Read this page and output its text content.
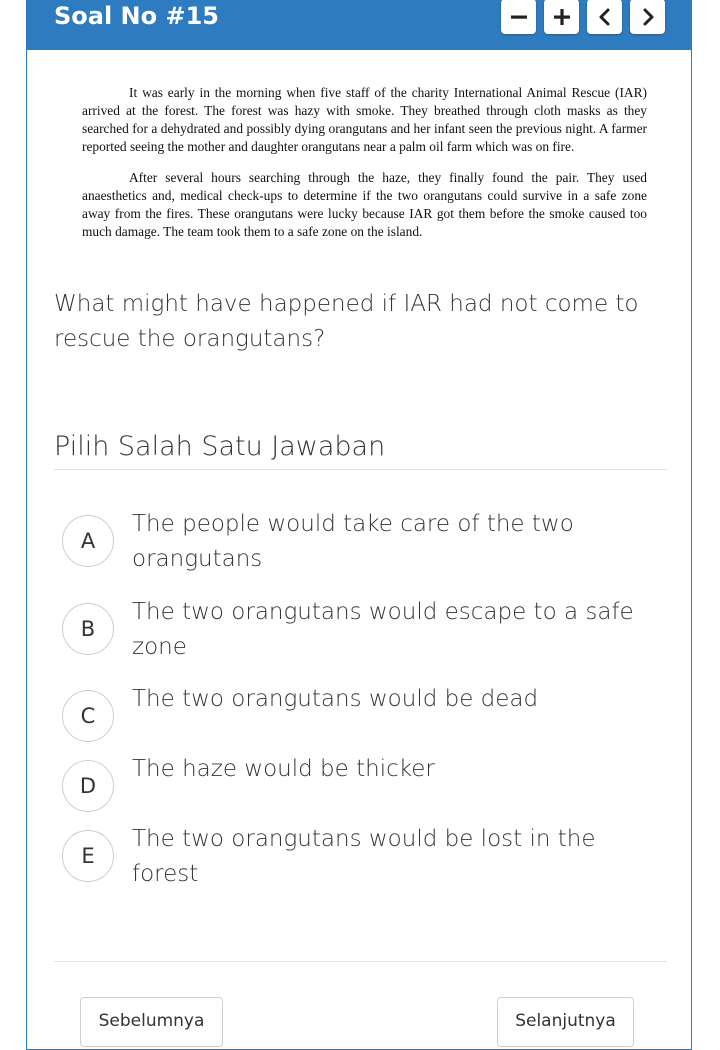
Soal No #15

It was early in the morning when five staff of the charity International Animal Rescue (IAR) arrived at the forest. The forest was hazy with smoke. They breathed through cloth masks as they searched for a dehydrated and possibly dying orangutans and her infant seen the previous night. A farmer reported seeing the mother and daughter orangutans near a palm oil farm which was on fire.

After several hours searching through the haze, they finally found the pair. They used anaesthetics and, medical check-ups to determine if the two orangutans could survive in a safe zone away from the fires. These orangutans were lucky because IAR got them before the smoke caused too much damage. The team took them to a safe zone on the island.

What might have happened if IAR had not come to rescue the orangutans?
Pilih Salah Satu Jawaban
A
The people would take care of the two orangutans
B
The two orangutans would escape to a safe zone
C
The two orangutans would be dead
D
The haze would be thicker
E
The two orangutans would be lost in the forest
Sebelumnya	Selanjutnya
